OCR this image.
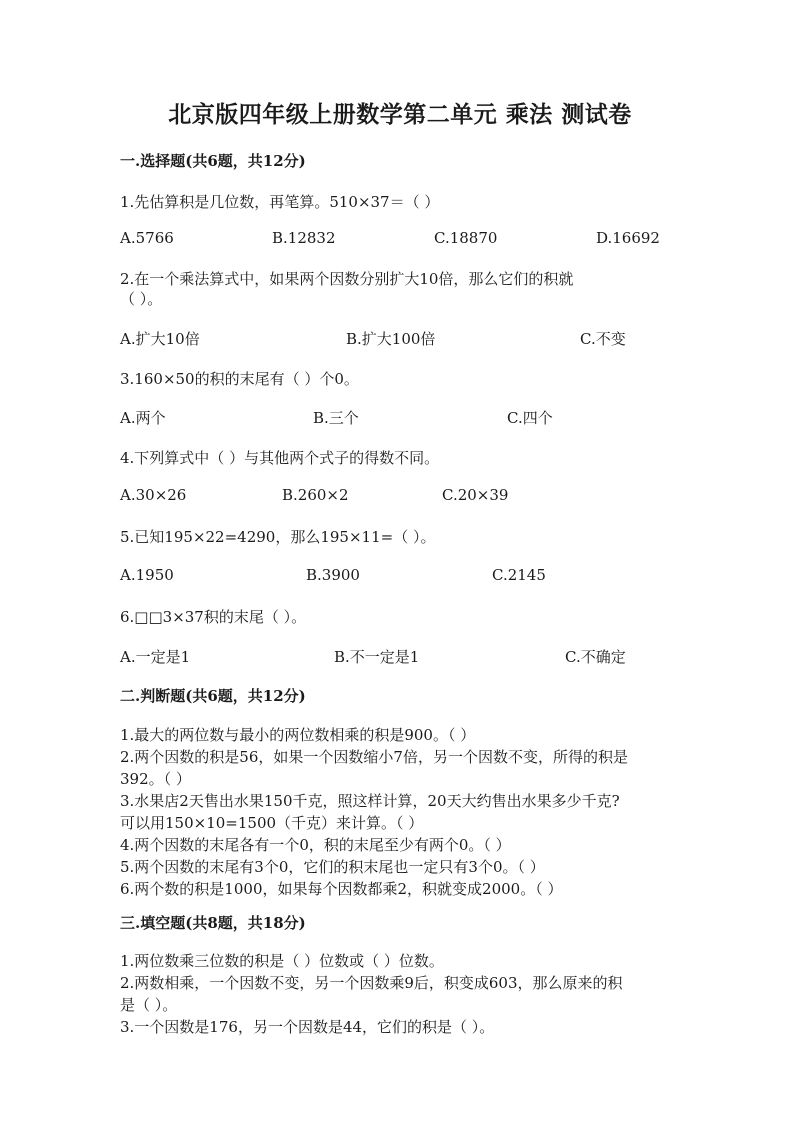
北京版四年级上册数学第二单元 乘法 测试卷
一.选择题(共6题，共12分)
1.先估算积是几位数，再笔算。510×37＝（ ）
A.5766	B.12832	C.18870	D.16692
2.在一个乘法算式中，如果两个因数分别扩大10倍，那么它们的积就
（ ）。
A.扩大10倍	B.扩大100倍	C.不变
3.160×50的积的末尾有（ ）个0。
A.两个	B.三个	C.四个
4.下列算式中（ ）与其他两个式子的得数不同。
A.30×26	B.260×2	C.20×39
5.已知195×22=4290，那么195×11=（ ）。
A.1950	B.3900	C.2145
6.□□3×37积的末尾（ ）。
A.一定是1	B.不一定是1	C.不确定
二.判断题(共6题，共12分)
1.最大的两位数与最小的两位数相乘的积是900。（ ）
2.两个因数的积是56，如果一个因数缩小7倍，另一个因数不变，所得的积是
392。（ ）
3.水果店2天售出水果150千克，照这样计算，20天大约售出水果多少千克?
可以用150×10=1500（千克）来计算。（ ）
4.两个因数的末尾各有一个0，积的末尾至少有两个0。（ ）
5.两个因数的末尾有3个0，它们的积末尾也一定只有3个0。（ ）
6.两个数的积是1000，如果每个因数都乘2，积就变成2000。（ ）
三.填空题(共8题，共18分)
1.两位数乘三位数的积是（ ）位数或（ ）位数。
2.两数相乘，一个因数不变，另一个因数乘9后，积变成603，那么原来的积
是（ ）。
3.一个因数是176，另一个因数是44，它们的积是（ ）。
